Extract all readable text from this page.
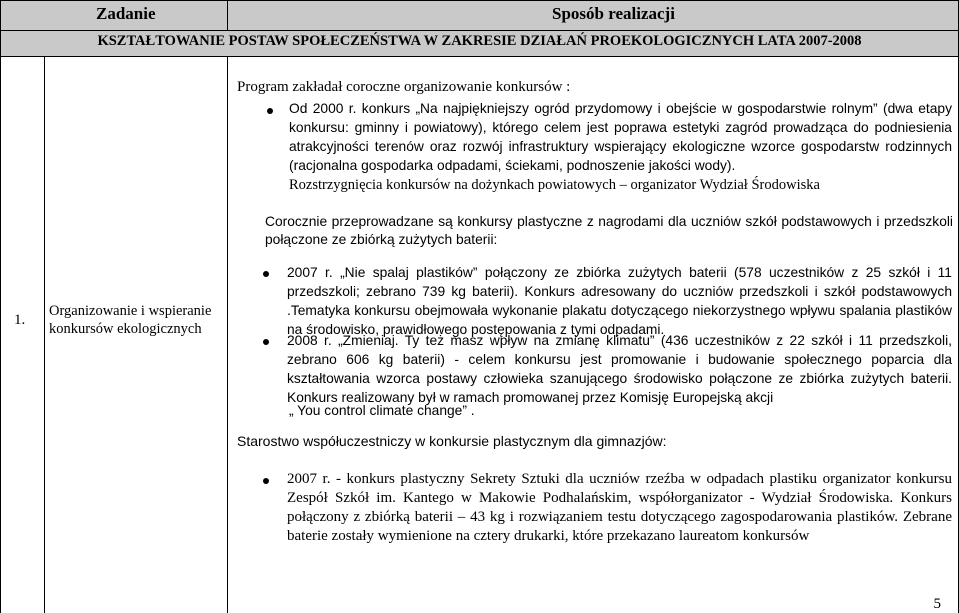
Zadanie	Sposób realizacji
KSZTAŁTOWANIE POSTAW SPOŁECZEŃSTWA W ZAKRESIE DZIAŁAŃ PROEKOLOGICZNYCH LATA 2007-2008
1.
Organizowanie i wspieranie konkursów ekologicznych
Program zakładał coroczne organizowanie konkursów :
Od 2000 r. konkurs „Na najpiękniejszy ogród przydomowy i obejście w gospodarstwie rolnym” (dwa etapy konkursu: gminny i powiatowy), którego celem jest poprawa estetyki zagród prowadząca do podniesienia atrakcyjności terenów oraz rozwój infrastruktury wspierający ekologiczne wzorce gospodarstw rodzinnych (racjonalna gospodarka odpadami, ściekami, podnoszenie jakości wody).
Rozstrzygnięcia konkursów na dożynkach powiatowych – organizator Wydział Środowiska
Corocznie przeprowadzane są konkursy plastyczne z nagrodami dla uczniów szkół podstawowych i przedszkoli połączone ze zbiórką zużytych baterii:
2007 r. „Nie spalaj plastików” połączony ze zbiórka zużytych baterii (578 uczestników z 25 szkół i 11 przedszkoli; zebrano 739 kg baterii). Konkurs adresowany do uczniów przedszkoli i szkół podstawowych .Tematyka konkursu obejmowała wykonanie plakatu dotyczącego niekorzystnego wpływu spalania plastików na środowisko, prawidłowego postępowania z tymi odpadami.
2008 r. „Zmieniaj. Ty też masz wpływ na zmianę klimatu” (436 uczestników z 22 szkół i 11 przedszkoli, zebrano 606 kg baterii) - celem konkursu jest promowanie i budowanie społecznego poparcia dla kształtowania wzorca postawy człowieka szanującego środowisko połączone ze zbiórka zużytych baterii. Konkurs realizowany był w ramach promowanej przez Komisję Europejską akcji
„ You control climate change” .
Starostwo współuczestniczy w konkursie plastycznym dla gimnazjów:
2007 r. - konkurs plastyczny Sekrety Sztuki dla uczniów rzeźba w odpadach plastiku organizator konkursu Zespół Szkół im. Kantego w Makowie Podhalańskim, współorganizator - Wydział Środowiska. Konkurs połączony z zbiórką baterii – 43 kg i rozwiązaniem testu dotyczącego zagospodarowania plastików. Zebrane baterie zostały wymienione na cztery drukarki, które przekazano laureatom konkursów
5
